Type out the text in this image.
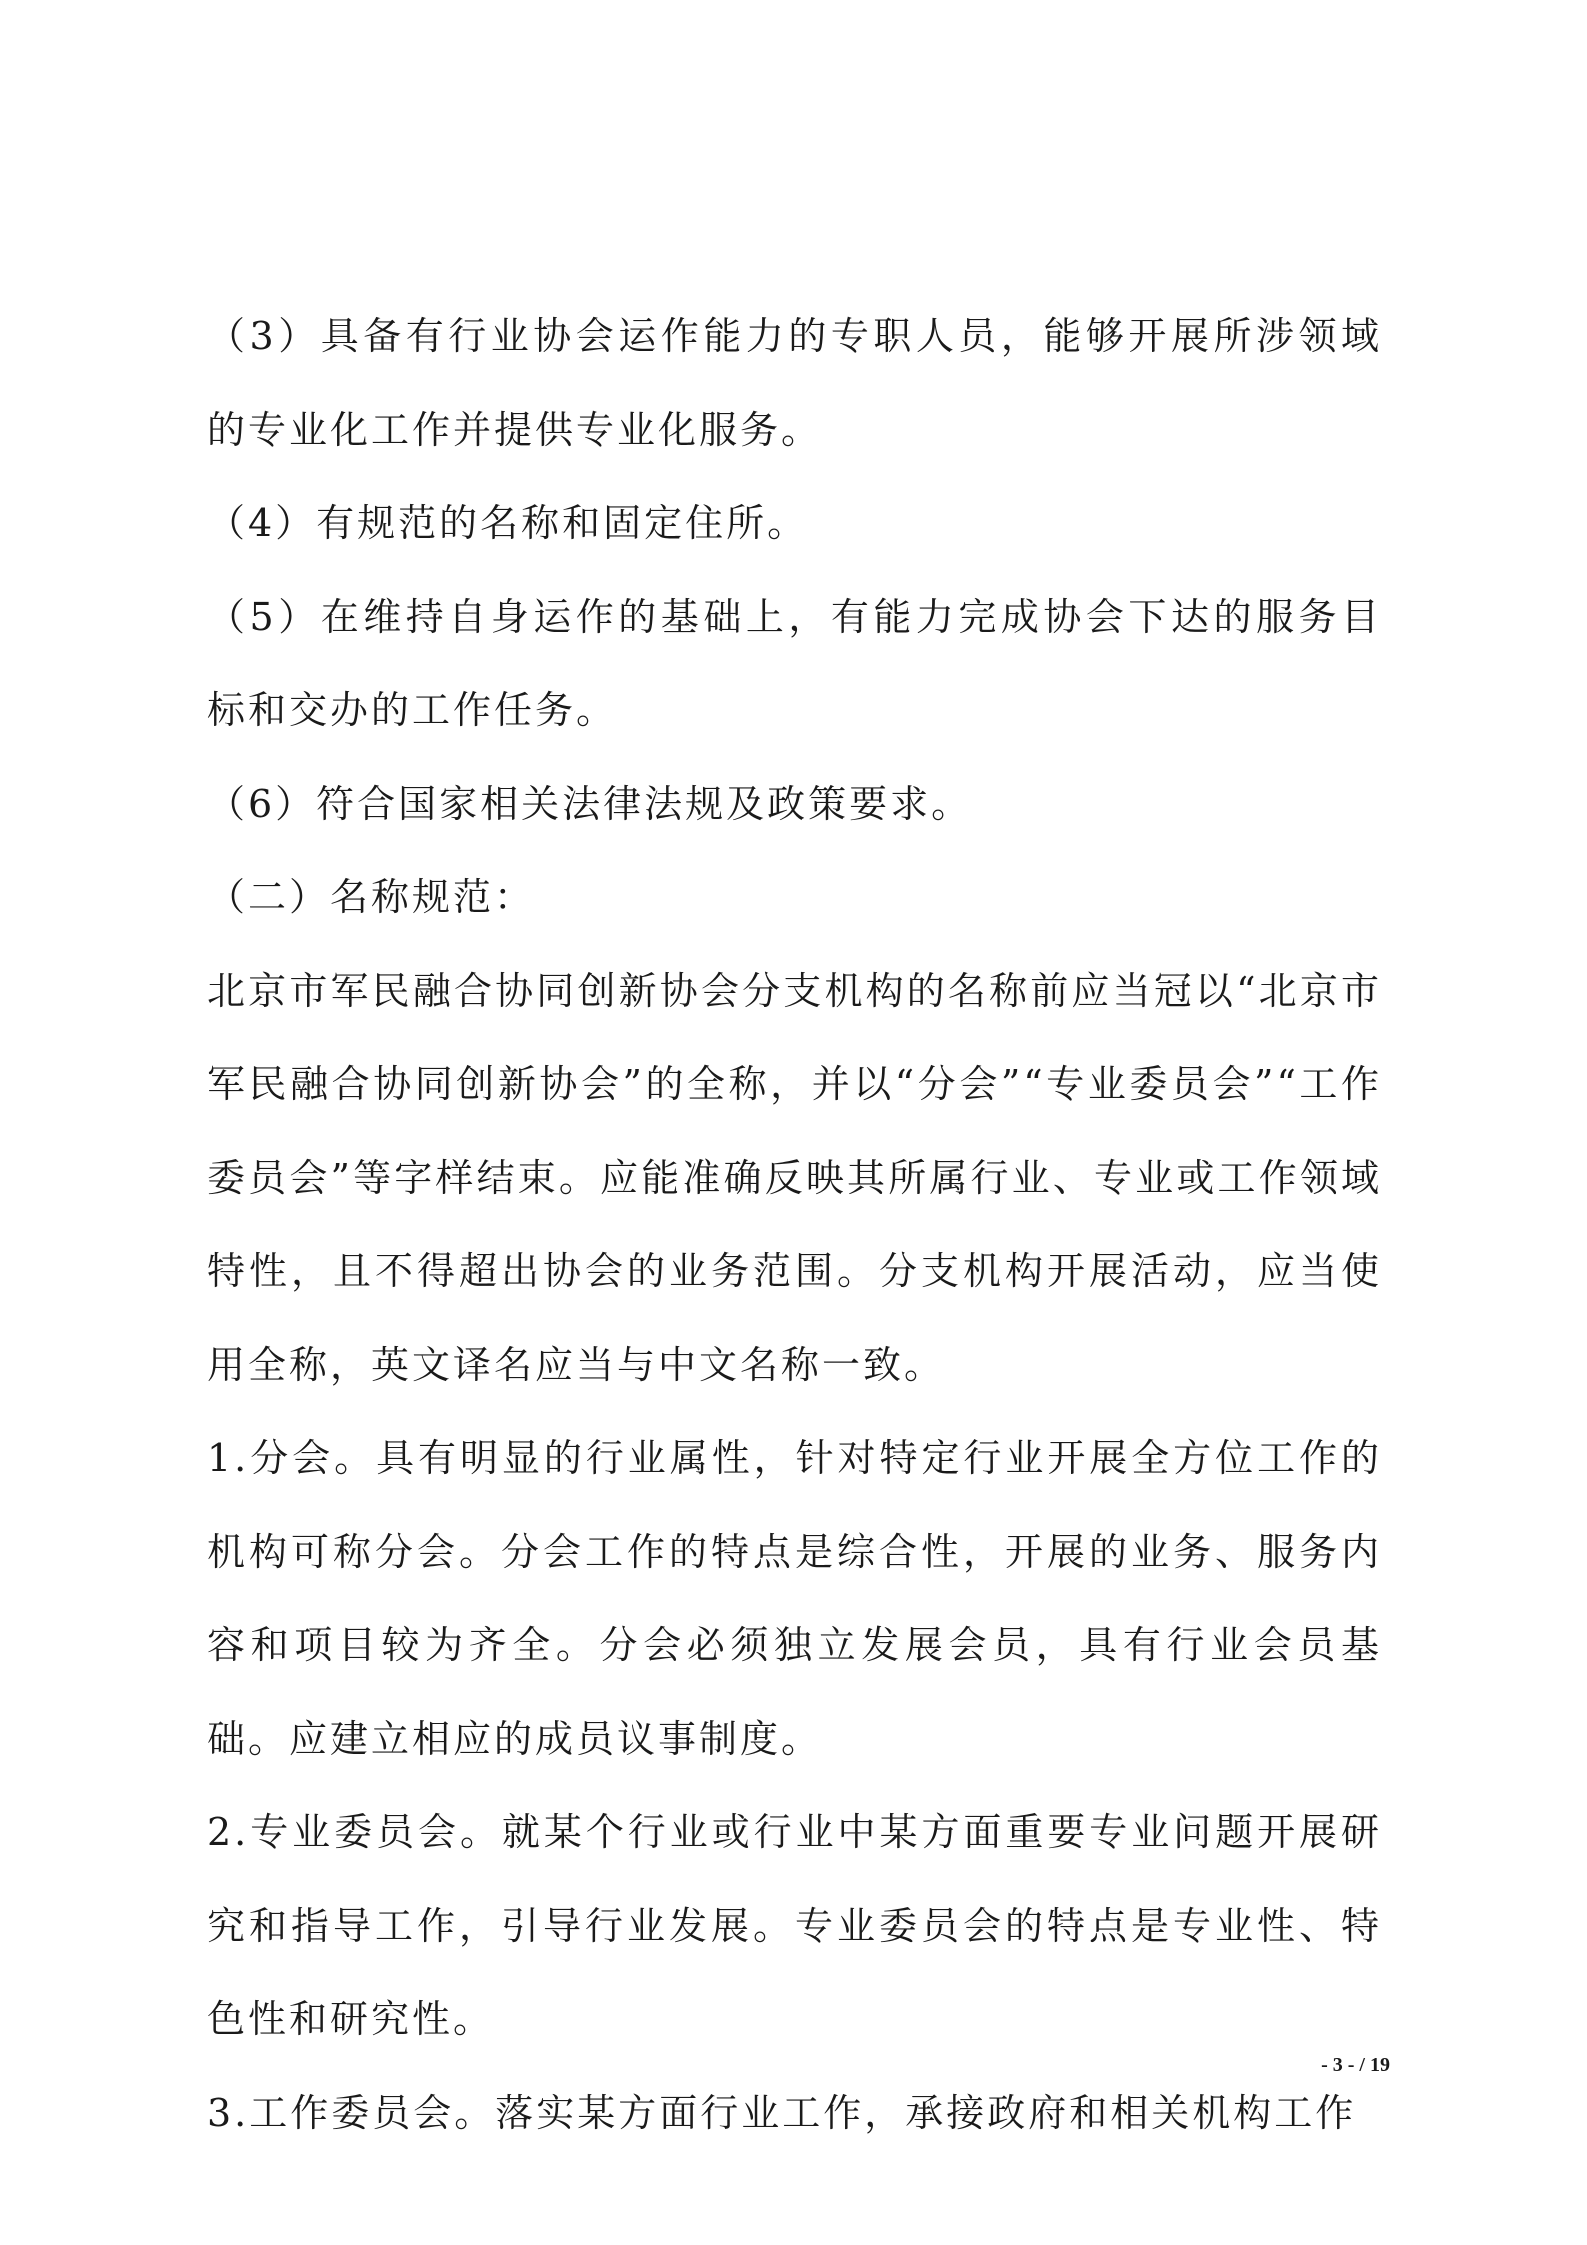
（3）具备有行业协会运作能力的专职人员，能够开展所涉领域的专业化工作并提供专业化服务。

（4）有规范的名称和固定住所。

（5）在维持自身运作的基础上，有能力完成协会下达的服务目标和交办的工作任务。

（6）符合国家相关法律法规及政策要求。

（二）名称规范：

北京市军民融合协同创新协会分支机构的名称前应当冠以“北京市军民融合协同创新协会”的全称，并以“分会”“专业委员会”“工作委员会”等字样结束。应能准确反映其所属行业、专业或工作领域特性，且不得超出协会的业务范围。分支机构开展活动，应当使用全称，英文译名应当与中文名称一致。

1.分会。具有明显的行业属性，针对特定行业开展全方位工作的机构可称分会。分会工作的特点是综合性，开展的业务、服务内容和项目较为齐全。分会必须独立发展会员，具有行业会员基础。应建立相应的成员议事制度。

2.专业委员会。就某个行业或行业中某方面重要专业问题开展研究和指导工作，引导行业发展。专业委员会的特点是专业性、特色性和研究性。

3.工作委员会。落实某方面行业工作，承接政府和相关机构工作

- 3 - / 19
